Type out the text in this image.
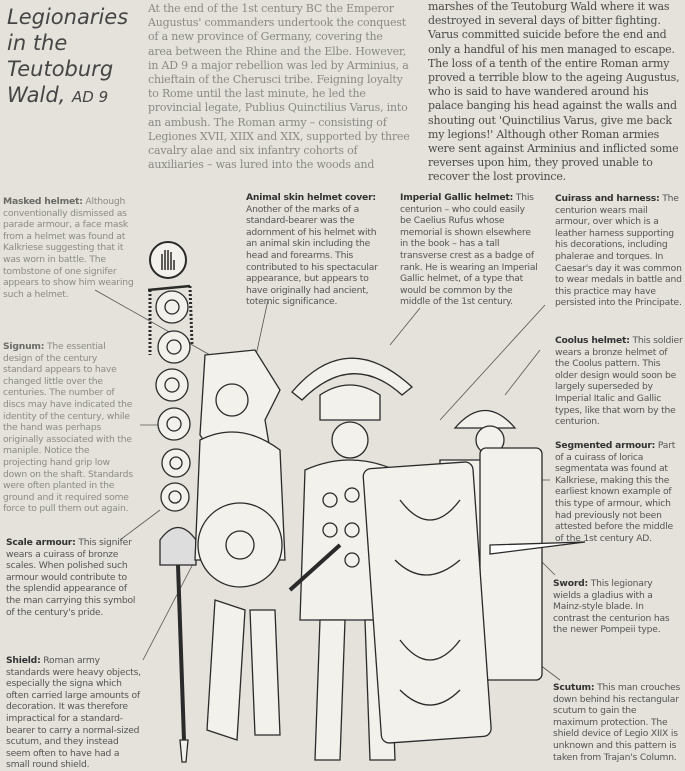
Legionaries in the Teutoburg Wald, AD 9
At the end of the 1st century BC the Emperor Augustus' commanders undertook the conquest of a new province of Germany, covering the area between the Rhine and the Elbe. However, in AD 9 a major rebellion was led by Arminius, a chieftain of the Cherusci tribe. Feigning loyalty to Rome until the last minute, he led the provincial legate, Publius Quinctilius Varus, into an ambush. The Roman army – consisting of Legiones XVII, XIIX and XIX, supported by three cavalry alae and six infantry cohorts of auxiliaries – was lured into the woods and
marshes of the Teutoburg Wald where it was destroyed in several days of bitter fighting. Varus committed suicide before the end and only a handful of his men managed to escape. The loss of a tenth of the entire Roman army proved a terrible blow to the ageing Augustus, who is said to have wandered around his palace banging his head against the walls and shouting out 'Quinctilius Varus, give me back my legions!' Although other Roman armies were sent against Arminius and inflicted some reverses upon him, they proved unable to recover the lost province.
Masked helmet: Although conventionally dismissed as parade armour, a face mask from a helmet was found at Kalkriese suggesting that it was worn in battle. The tombstone of one signifer appears to show him wearing such a helmet.
Signum: The essential design of the century standard appears to have changed little over the centuries. The number of discs may have indicated the identity of the century, while the hand was perhaps originally associated with the maniple. Notice the projecting hand grip low down on the shaft. Standards were often planted in the ground and it required some force to pull them out again.
Scale armour: This signifer wears a cuirass of bronze scales. When polished such armour would contribute to the splendid appearance of the man carrying this symbol of the century's pride.
Shield: Roman army standards were heavy objects, especially the signa which often carried large amounts of decoration. It was therefore impractical for a standard-bearer to carry a normal-sized scutum, and they instead seem often to have had a small round shield.
Animal skin helmet cover: Another of the marks of a standard-bearer was the adornment of his helmet with an animal skin including the head and forearms. This contributed to his spectacular appearance, but appears to have originally had ancient, totemic significance.
Imperial Gallic helmet: This centurion – who could easily be Caelius Rufus whose memorial is shown elsewhere in the book – has a tall transverse crest as a badge of rank. He is wearing an Imperial Gallic helmet, of a type that would be common by the middle of the 1st century.
Cuirass and harness: The centurion wears mail armour, over which is a leather harness supporting his decorations, including phalerae and torques. In Caesar's day it was common to wear medals in battle and this practice may have persisted into the Principate.
Coolus helmet: This soldier wears a bronze helmet of the Coolus pattern. This older design would soon be largely superseded by Imperial Italic and Gallic types, like that worn by the centurion.
Segmented armour: Part of a cuirass of lorica segmentata was found at Kalkriese, making this the earliest known example of this type of armour, which had previously not been attested before the middle of the 1st century AD.
Sword: This legionary wields a gladius with a Mainz-style blade. In contrast the centurion has the newer Pompeii type.
Scutum: This man crouches down behind his rectangular scutum to gain the maximum protection. The shield device of Legio XIIX is unknown and this pattern is taken from Trajan's Column.
